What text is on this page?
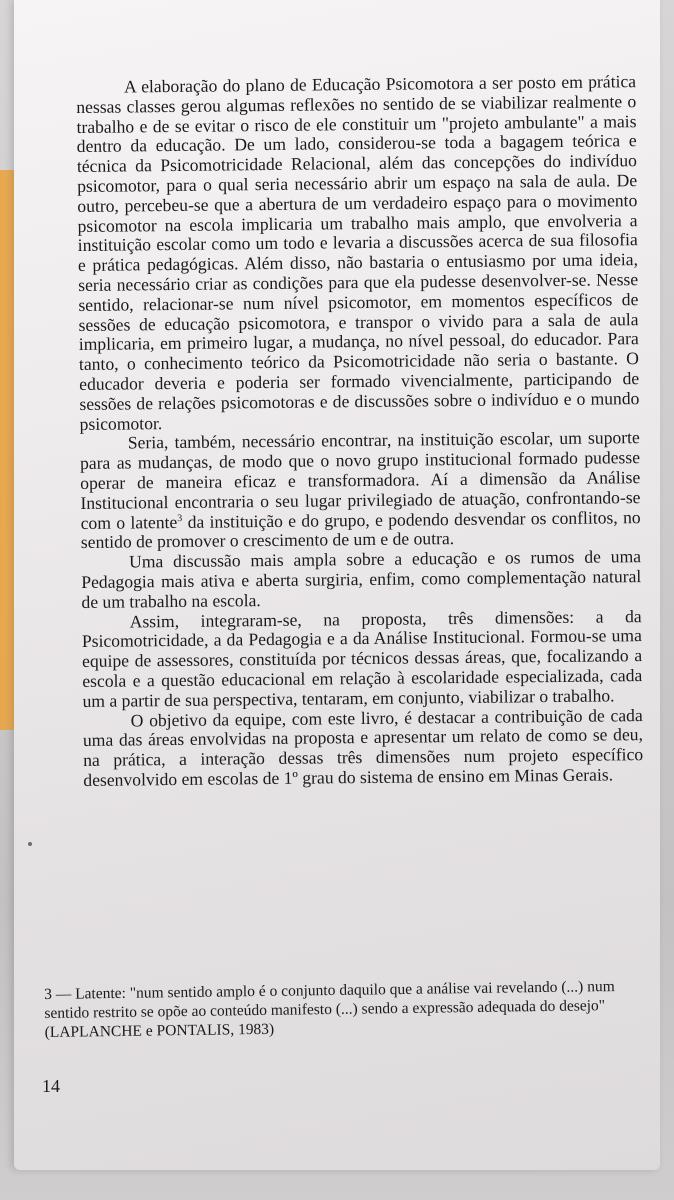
A elaboração do plano de Educação Psicomotora a ser posto em prática nessas classes gerou algumas reflexões no sentido de se viabilizar realmente o trabalho e de se evitar o risco de ele constituir um "projeto ambulante" a mais dentro da educação. De um lado, considerou-se toda a bagagem teórica e técnica da Psicomotricidade Relacional, além das concepções do indivíduo psicomotor, para o qual seria necessário abrir um espaço na sala de aula. De outro, percebeu-se que a abertura de um verdadeiro espaço para o movimento psicomotor na escola implicaria um trabalho mais amplo, que envolveria a instituição escolar como um todo e levaria a discussões acerca de sua filosofia e prática pedagógicas. Além disso, não bastaria o entusiasmo por uma ideia, seria necessário criar as condições para que ela pudesse desenvolver-se. Nesse sentido, relacionar-se num nível psicomotor, em momentos específicos de sessões de educação psicomotora, e transpor o vivido para a sala de aula implicaria, em primeiro lugar, a mudança, no nível pessoal, do educador. Para tanto, o conhecimento teórico da Psicomotricidade não seria o bastante. O educador deveria e poderia ser formado vivencialmente, participando de sessões de relações psicomotoras e de discussões sobre o indivíduo e o mundo psicomotor.

Seria, também, necessário encontrar, na instituição escolar, um suporte para as mudanças, de modo que o novo grupo institucional formado pudesse operar de maneira eficaz e transformadora. Aí a dimensão da Análise Institucional encontraria o seu lugar privilegiado de atuação, confrontando-se com o latente$^3$ da instituição e do grupo, e podendo desvendar os conflitos, no sentido de promover o crescimento de um e de outra.

Uma discussão mais ampla sobre a educação e os rumos de uma Pedagogia mais ativa e aberta surgiria, enfim, como complementação natural de um trabalho na escola.

Assim, integraram-se, na proposta, três dimensões: a da Psicomotricidade, a da Pedagogia e a da Análise Institucional. Formou-se uma equipe de assessores, constituída por técnicos dessas áreas, que, focalizando a escola e a questão educacional em relação à escolaridade especializada, cada um a partir de sua perspectiva, tentaram, em conjunto, viabilizar o trabalho.

O objetivo da equipe, com este livro, é destacar a contribuição de cada uma das áreas envolvidas na proposta e apresentar um relato de como se deu, na prática, a interação dessas três dimensões num projeto específico desenvolvido em escolas de 1º grau do sistema de ensino em Minas Gerais.

3 — Latente: "num sentido amplo é o conjunto daquilo que a análise vai revelando (...) num sentido restrito se opõe ao conteúdo manifesto (...) sendo a expressão adequada do desejo" (LAPLANCHE e PONTALIS, 1983)
14
